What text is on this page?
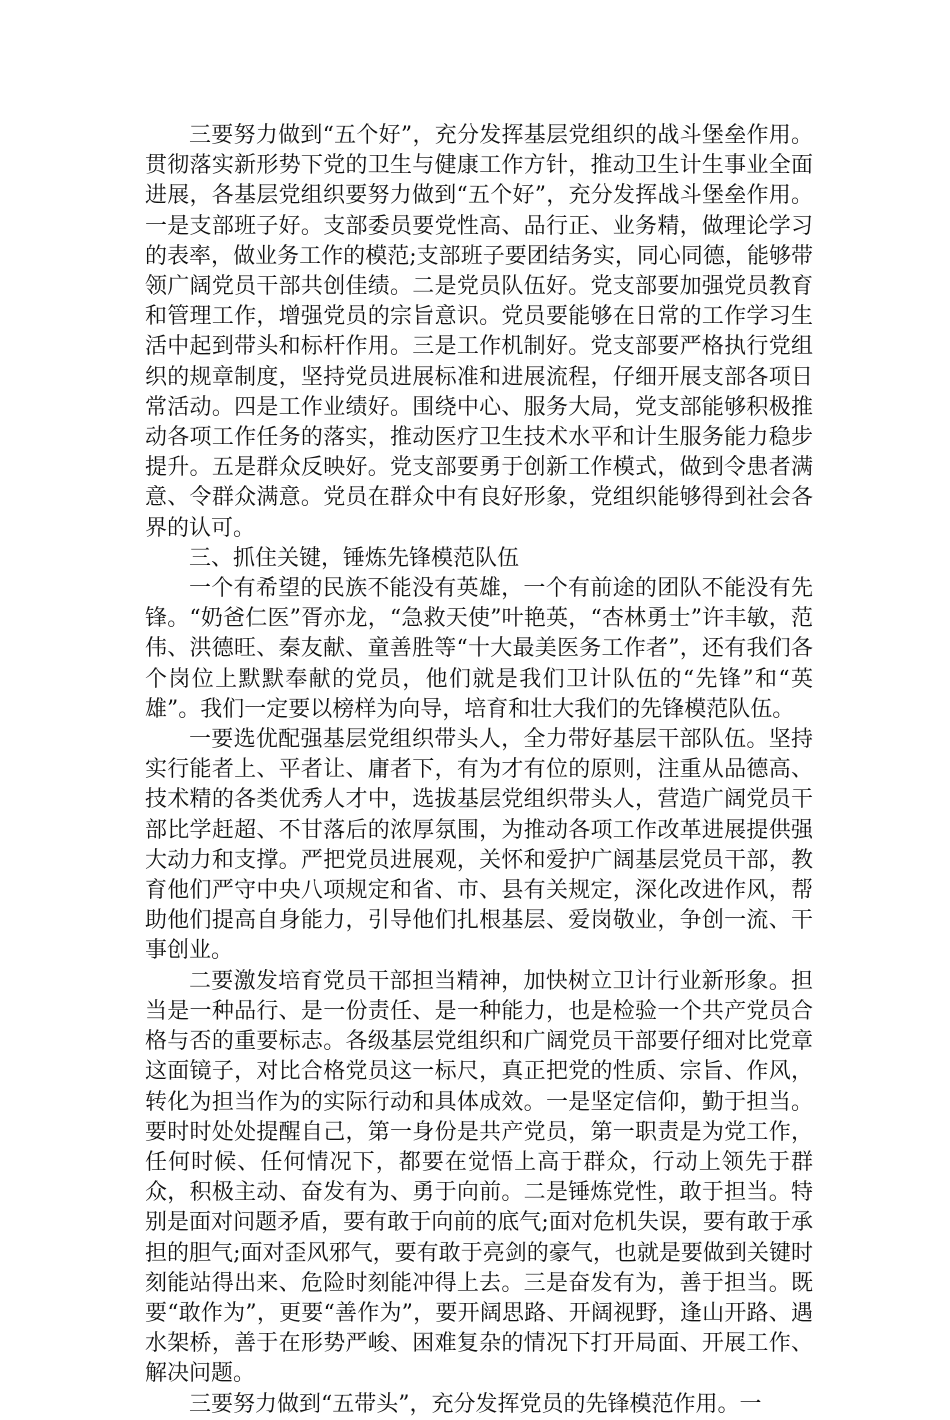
三要努力做到“五个好”，充分发挥基层党组织的战斗堡垒作用。贯彻落实新形势下党的卫生与健康工作方针，推动卫生计生事业全面进展，各基层党组织要努力做到“五个好”，充分发挥战斗堡垒作用。一是支部班子好。支部委员要党性高、品行正、业务精，做理论学习的表率，做业务工作的模范;支部班子要团结务实，同心同德，能够带领广阔党员干部共创佳绩。二是党员队伍好。党支部要加强党员教育和管理工作，增强党员的宗旨意识。党员要能够在日常的工作学习生活中起到带头和标杆作用。三是工作机制好。党支部要严格执行党组织的规章制度，坚持党员进展标准和进展流程，仔细开展支部各项日常活动。四是工作业绩好。围绕中心、服务大局，党支部能够积极推动各项工作任务的落实，推动医疗卫生技术水平和计生服务能力稳步提升。五是群众反映好。党支部要勇于创新工作模式，做到令患者满意、令群众满意。党员在群众中有良好形象，党组织能够得到社会各界的认可。

三、抓住关键，锤炼先锋模范队伍

一个有希望的民族不能没有英雄，一个有前途的团队不能没有先锋。“奶爸仁医”胥亦龙，“急救天使”叶艳英，“杏林勇士”许丰敏，范伟、洪德旺、秦友献、童善胜等“十大最美医务工作者”，还有我们各个岗位上默默奉献的党员，他们就是我们卫计队伍的“先锋”和“英雄”。我们一定要以榜样为向导，培育和壮大我们的先锋模范队伍。

一要选优配强基层党组织带头人，全力带好基层干部队伍。坚持实行能者上、平者让、庸者下，有为才有位的原则，注重从品德高、技术精的各类优秀人才中，选拔基层党组织带头人，营造广阔党员干部比学赶超、不甘落后的浓厚氛围，为推动各项工作改革进展提供强大动力和支撑。严把党员进展观，关怀和爱护广阔基层党员干部，教育他们严守中央八项规定和省、市、县有关规定，深化改进作风，帮助他们提高自身能力，引导他们扎根基层、爱岗敬业，争创一流、干事创业。

二要激发培育党员干部担当精神，加快树立卫计行业新形象。担当是一种品行、是一份责任、是一种能力，也是检验一个共产党员合格与否的重要标志。各级基层党组织和广阔党员干部要仔细对比党章这面镜子，对比合格党员这一标尺，真正把党的性质、宗旨、作风，转化为担当作为的实际行动和具体成效。一是坚定信仰，勤于担当。要时时处处提醒自己，第一身份是共产党员，第一职责是为党工作，任何时候、任何情况下，都要在觉悟上高于群众，行动上领先于群众，积极主动、奋发有为、勇于向前。二是锤炼党性，敢于担当。特别是面对问题矛盾，要有敢于向前的底气;面对危机失误，要有敢于承担的胆气;面对歪风邪气，要有敢于亮剑的豪气，也就是要做到关键时刻能站得出来、危险时刻能冲得上去。三是奋发有为，善于担当。既要“敢作为”，更要“善作为”，要开阔思路、开阔视野，逢山开路、遇水架桥，善于在形势严峻、困难复杂的情况下打开局面、开展工作、解决问题。

三要努力做到“五带头”，充分发挥党员的先锋模范作用。一
